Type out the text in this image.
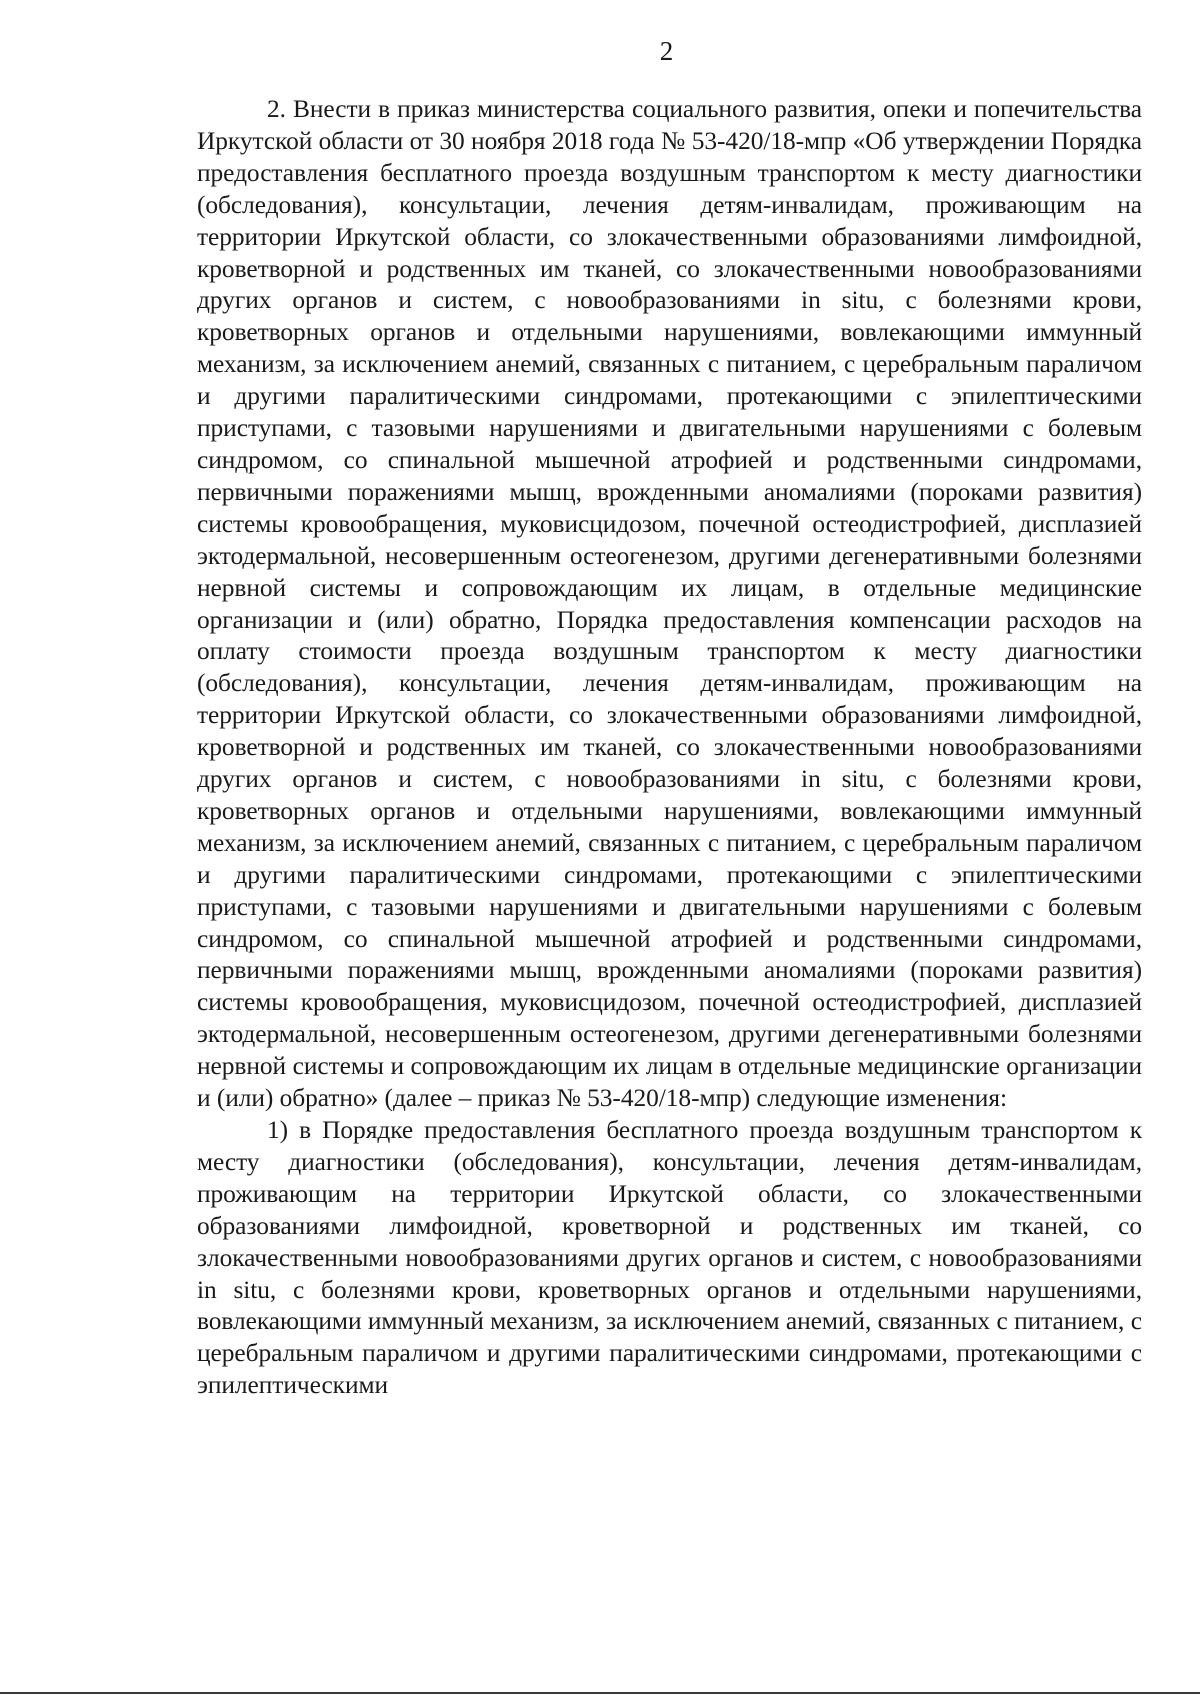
2

2. Внести в приказ министерства социального развития, опеки и попечительства Иркутской области от 30 ноября 2018 года № 53-420/18-мпр «Об утверждении Порядка предоставления бесплатного проезда воздушным транспортом к месту диагностики (обследования), консультации, лечения детям-инвалидам, проживающим на территории Иркутской области, со злокачественными образованиями лимфоидной, кроветворной и родственных им тканей, со злокачественными новообразованиями других органов и систем, с новообразованиями in situ, с болезнями крови, кроветворных органов и отдельными нарушениями, вовлекающими иммунный механизм, за исключением анемий, связанных с питанием, с церебральным параличом и другими паралитическими синдромами, протекающими с эпилептическими приступами, с тазовыми нарушениями и двигательными нарушениями с болевым синдромом, со спинальной мышечной атрофией и родственными синдромами, первичными поражениями мышц, врожденными аномалиями (пороками развития) системы кровообращения, муковисцидозом, почечной остеодистрофией, дисплазией эктодермальной, несовершенным остеогенезом, другими дегенеративными болезнями нервной системы и сопровождающим их лицам, в отдельные медицинские организации и (или) обратно, Порядка предоставления компенсации расходов на оплату стоимости проезда воздушным транспортом к месту диагностики (обследования), консультации, лечения детям-инвалидам, проживающим на территории Иркутской области, со злокачественными образованиями лимфоидной, кроветворной и родственных им тканей, со злокачественными новообразованиями других органов и систем, с новообразованиями in situ, с болезнями крови, кроветворных органов и отдельными нарушениями, вовлекающими иммунный механизм, за исключением анемий, связанных с питанием, с церебральным параличом и другими паралитическими синдромами, протекающими с эпилептическими приступами, с тазовыми нарушениями и двигательными нарушениями с болевым синдромом, со спинальной мышечной атрофией и родственными синдромами, первичными поражениями мышц, врожденными аномалиями (пороками развития) системы кровообращения, муковисцидозом, почечной остеодистрофией, дисплазией эктодермальной, несовершенным остеогенезом, другими дегенеративными болезнями нервной системы и сопровождающим их лицам в отдельные медицинские организации и (или) обратно» (далее – приказ № 53-420/18-мпр) следующие изменения:

1) в Порядке предоставления бесплатного проезда воздушным транспортом к месту диагностики (обследования), консультации, лечения детям-инвалидам, проживающим на территории Иркутской области, со злокачественными образованиями лимфоидной, кроветворной и родственных им тканей, со злокачественными новообразованиями других органов и систем, с новообразованиями in situ, с болезнями крови, кроветворных органов и отдельными нарушениями, вовлекающими иммунный механизм, за исключением анемий, связанных с питанием, с церебральным параличом и другими паралитическими синдромами, протекающими с эпилептическими
